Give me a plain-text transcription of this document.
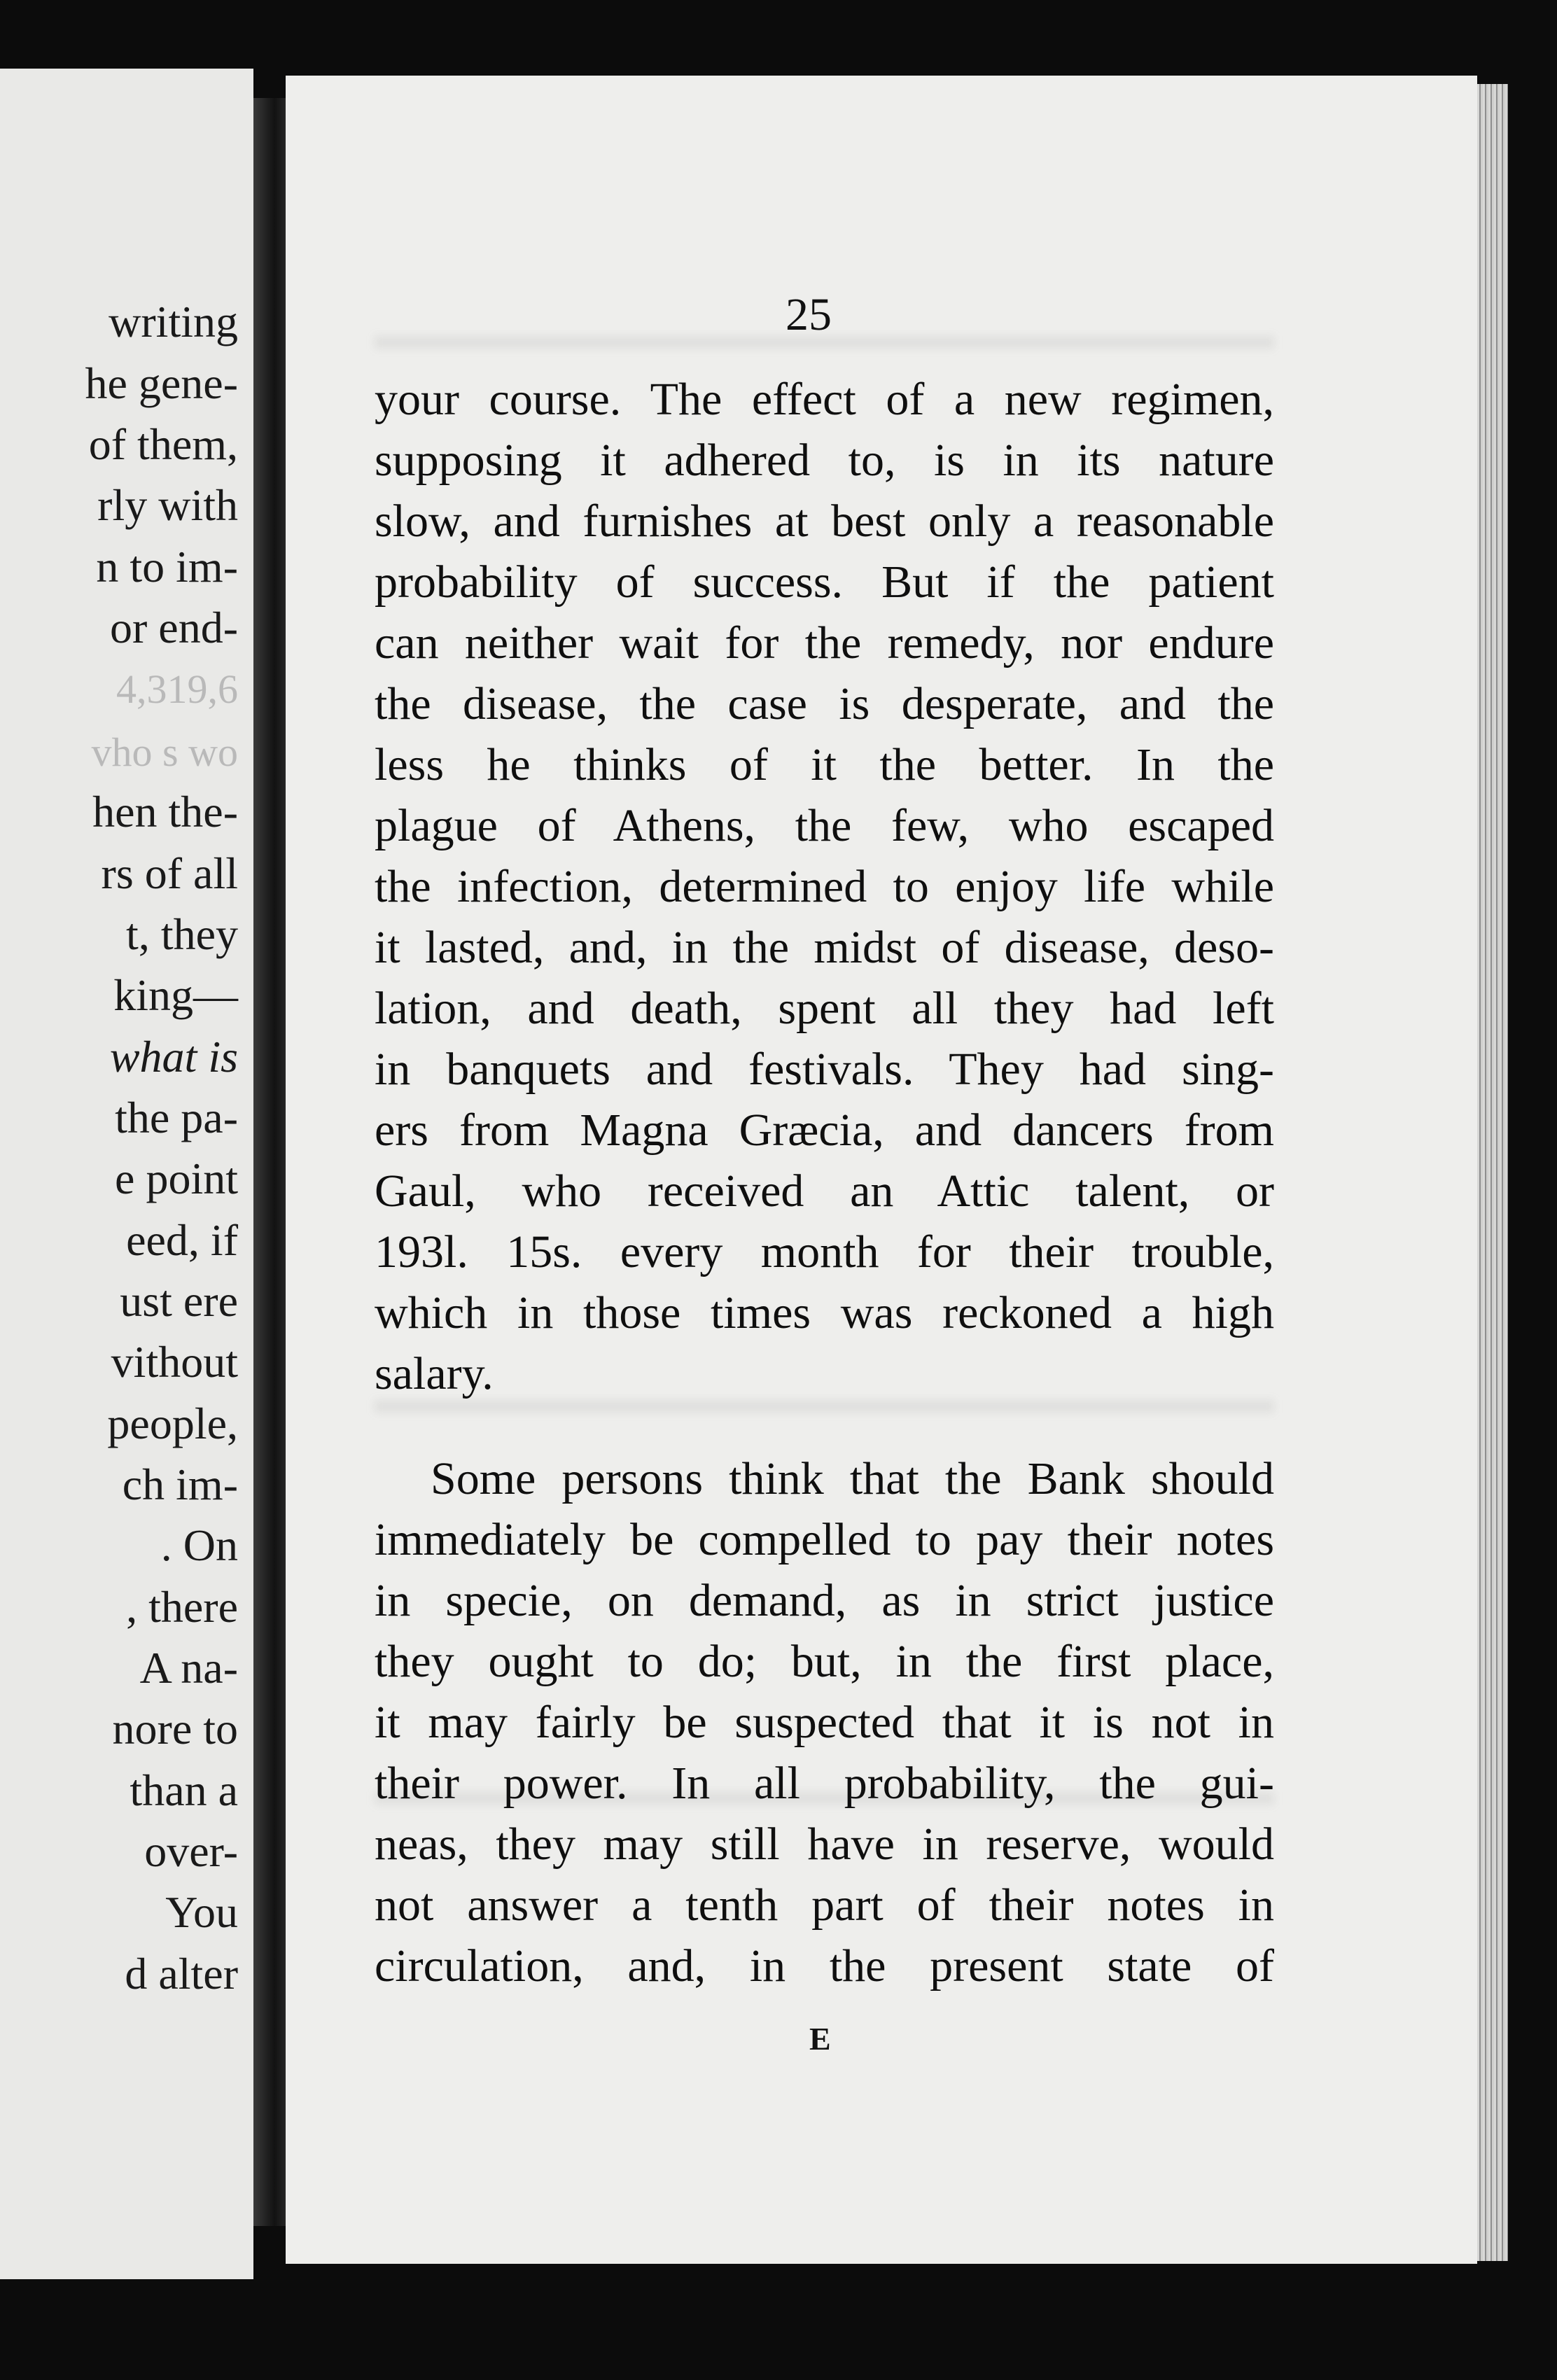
writing
he gene-
of them,
rly with
n to im-
or end-
4,319,6
vho s wo
hen the-
rs of all
t, they
king—
what is
the pa-
e point
eed, if
ust ere
vithout
people,
ch im-
. On
, there
A na-
nore to
than a
over-
You
d alter
25
your course. The effect of a new regimen,
supposing it adhered to, is in its nature
slow, and furnishes at best only a reasonable
probability of success. But if the patient
can neither wait for the remedy, nor endure
the disease, the case is desperate, and the
less he thinks of it the better. In the
plague of Athens, the few, who escaped
the infection, determined to enjoy life while
it lasted, and, in the midst of disease, deso-
lation, and death, spent all they had left
in banquets and festivals. They had sing-
ers from Magna Græcia, and dancers from
Gaul, who received an Attic talent, or
193l. 15s. every month for their trouble,
which in those times was reckoned a high
salary.
Some persons think that the Bank should
immediately be compelled to pay their notes
in specie, on demand, as in strict justice
they ought to do; but, in the first place,
it may fairly be suspected that it is not in
their power. In all probability, the gui-
neas, they may still have in reserve, would
not answer a tenth part of their notes in
circulation, and, in the present state of
E
